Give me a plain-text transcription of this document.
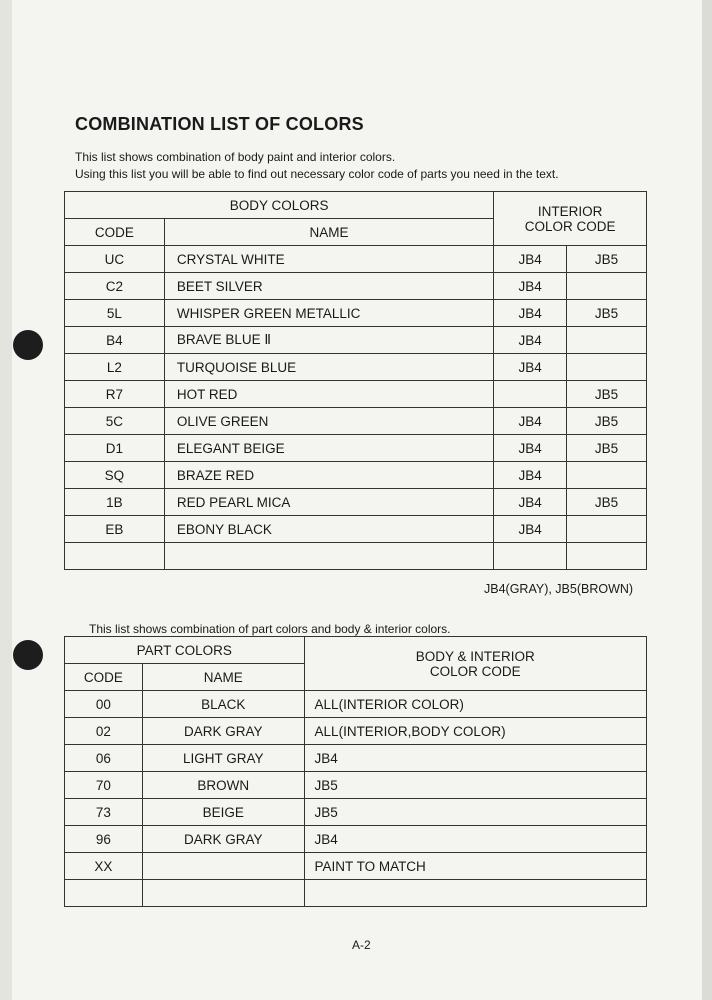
COMBINATION LIST OF COLORS

This list shows combination of body paint and interior colors.

Using this list you will be able to find out necessary color code of parts you need in the text.

BODY COLORS		INTERIOR
COLOR CODE	
CODE	NAME		
UC	CRYSTAL WHITE	JB4	JB5
C2	BEET SILVER	JB4	
5L	WHISPER GREEN METALLIC	JB4	JB5
B4	BRAVE BLUE Ⅱ	JB4	
L2	TURQUOISE BLUE	JB4	
R7	HOT RED		JB5
5C	OLIVE GREEN	JB4	JB5
D1	ELEGANT BEIGE	JB4	JB5
SQ	BRAZE RED	JB4	
1B	RED PEARL MICA	JB4	JB5
EB	EBONY BLACK	JB4	

JB4(GRAY), JB5(BROWN)

This list shows combination of part colors and body & interior colors.

PART COLORS		BODY & INTERIOR
COLOR CODE
CODE	NAME	
00	BLACK	ALL(INTERIOR COLOR)
02	DARK GRAY	ALL(INTERIOR,BODY COLOR)
06	LIGHT GRAY	JB4
70	BROWN	JB5
73	BEIGE	JB5
96	DARK GRAY	JB4
XX		PAINT TO MATCH

A-2
